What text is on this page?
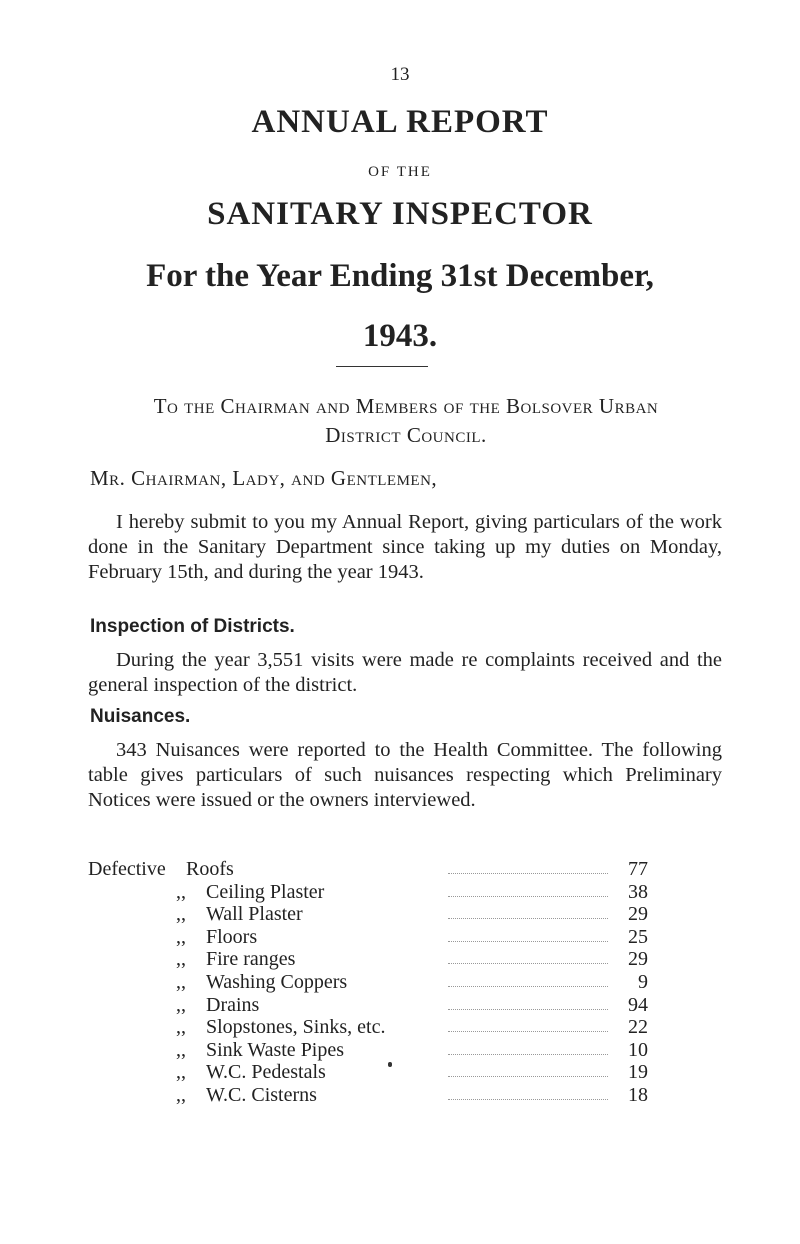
13
ANNUAL REPORT
OF THE
SANITARY INSPECTOR
For the Year Ending 31st December,
1943.
To the Chairman and Members of the Bolsover Urban
District Council.
Mr. Chairman, Lady, and Gentlemen,
I hereby submit to you my Annual Report, giving particulars of the work done in the Sanitary Department since taking up my duties on Monday, February 15th, and during the year 1943.
Inspection of Districts.
During the year 3,551 visits were made re complaints received and the general inspection of the district.
Nuisances.
343 Nuisances were reported to the Health Committee. The following table gives particulars of such nuisances respecting which Preliminary Notices were issued or the owners interviewed.
Defective Roofs	77
,, Ceiling Plaster	38
,, Wall Plaster	29
,, Floors	25
,, Fire ranges	29
,, Washing Coppers	9
,, Drains	94
,, Slopstones, Sinks, etc.	22
,, Sink Waste Pipes	10
,, W.C. Pedestals	19
,, W.C. Cisterns	18
